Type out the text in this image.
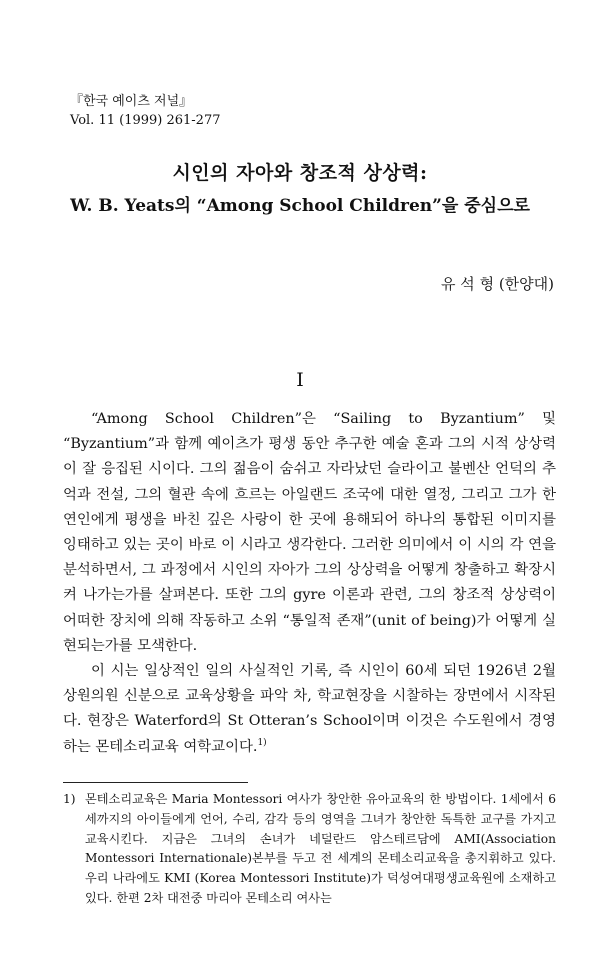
『한국 예이츠 저널』
Vol. 11 (1999) 261-277
시인의 자아와 창조적 상상력:
W. B. Yeats의 “Among School Children”을 중심으로
유 석 형 (한양대)
I

“Among School Children”은 “Sailing to Byzantium” 및 “Byzantium”과 함께 예이츠가 평생 동안 추구한 예술 혼과 그의 시적 상상력이 잘 응집된 시이다. 그의 젊음이 숨쉬고 자라났던 슬라이고 불벤산 언덕의 추억과 전설, 그의 혈관 속에 흐르는 아일랜드 조국에 대한 열정, 그리고 그가 한 연인에게 평생을 바친 깊은 사랑이 한 곳에 용해되어 하나의 통합된 이미지를 잉태하고 있는 곳이 바로 이 시라고 생각한다. 그러한 의미에서 이 시의 각 연을 분석하면서, 그 과정에서 시인의 자아가 그의 상상력을 어떻게 창출하고 확장시켜 나가는가를 살펴본다. 또한 그의 gyre 이론과 관련, 그의 창조적 상상력이 어떠한 장치에 의해 작동하고 소위 “통일적 존재”(unit of being)가 어떻게 실현되는가를 모색한다.

이 시는 일상적인 일의 사실적인 기록, 즉 시인이 60세 되던 1926년 2월 상원의원 신분으로 교육상황을 파악 차, 학교현장을 시찰하는 장면에서 시작된다. 현장은 Waterford의 St Otteran’s School이며 이것은 수도원에서 경영하는 몬테소리교육 여학교이다.$^{1)}$

1) 몬테소리교육은 Maria Montessori 여사가 창안한 유아교육의 한 방법이다. 1세에서 6세까지의 아이들에게 언어, 수리, 감각 등의 영역을 그녀가 창안한 독특한 교구를 가지고 교육시킨다. 지금은 그녀의 손녀가 네덜란드 암스테르담에 AMI(Association Montessori Internationale)본부를 두고 전 세계의 몬테소리교육을 총지휘하고 있다. 우리 나라에도 KMI (Korea Montessori Institute)가 덕성여대평생교육원에 소재하고 있다. 한편 2차 대전중 마리아 몬테소리 여사는
